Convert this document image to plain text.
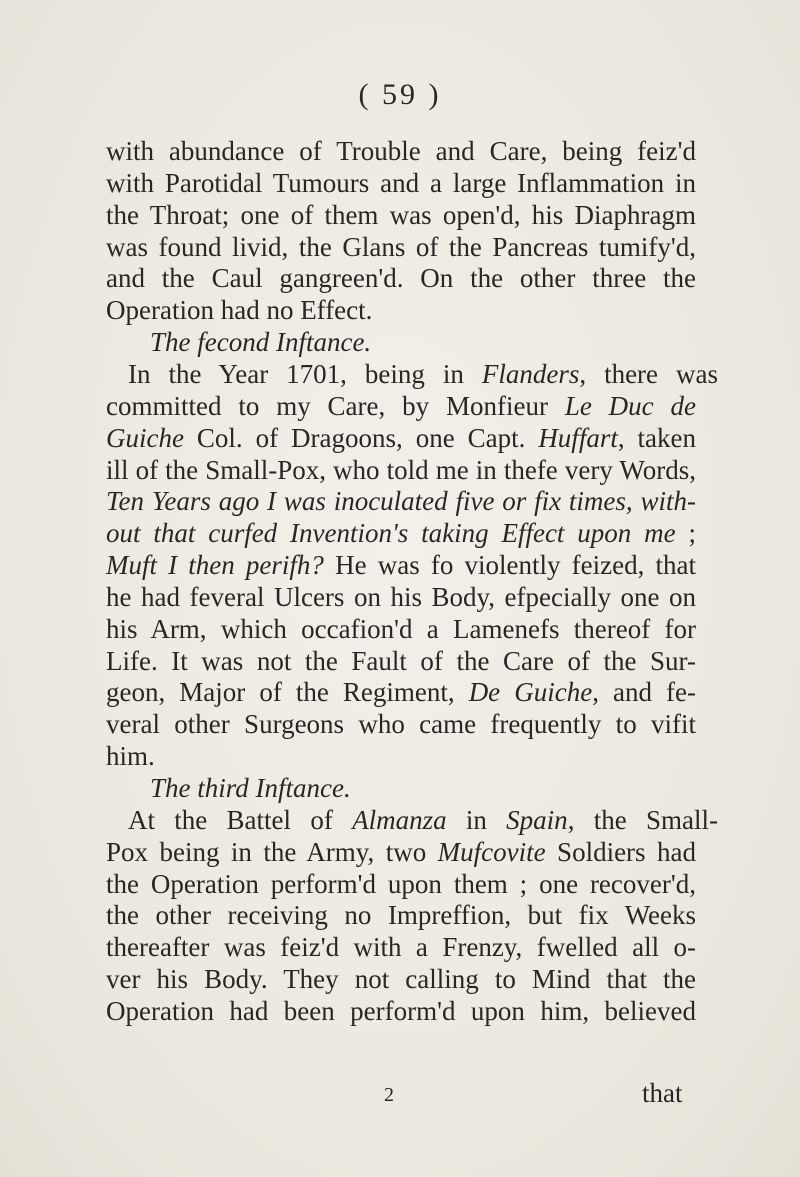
( 59 )
with abundance of Trouble and Care, being feiz'd
with Parotidal Tumours and a large Inflammation in
the Throat; one of them was open'd, his Diaphragm
was found livid, the Glans of the Pancreas tumify'd,
and the Caul gangreen'd. On the other three the
Operation had no Effect.
The fecond Inftance.
In the Year 1701, being in Flanders, there was
committed to my Care, by Monfieur Le Duc de
Guiche Col. of Dragoons, one Capt. Huffart, taken
ill of the Small-Pox, who told me in thefe very Words,
Ten Years ago I was inoculated five or fix times, with-
out that curfed Invention's taking Effect upon me ;
Muft I then perifh? He was fo violently feized, that
he had feveral Ulcers on his Body, efpecially one on
his Arm, which occafion'd a Lamenefs thereof for
Life. It was not the Fault of the Care of the Sur-
geon, Major of the Regiment, De Guiche, and fe-
veral other Surgeons who came frequently to vifit
him.
The third Inftance.
At the Battel of Almanza in Spain, the Small-
Pox being in the Army, two Mufcovite Soldiers had
the Operation perform'd upon them ; one recover'd,
the other receiving no Impreffion, but fix Weeks
thereafter was feiz'd with a Frenzy, fwelled all o-
ver his Body. They not calling to Mind that the
Operation had been perform'd upon him, believed
2	that
